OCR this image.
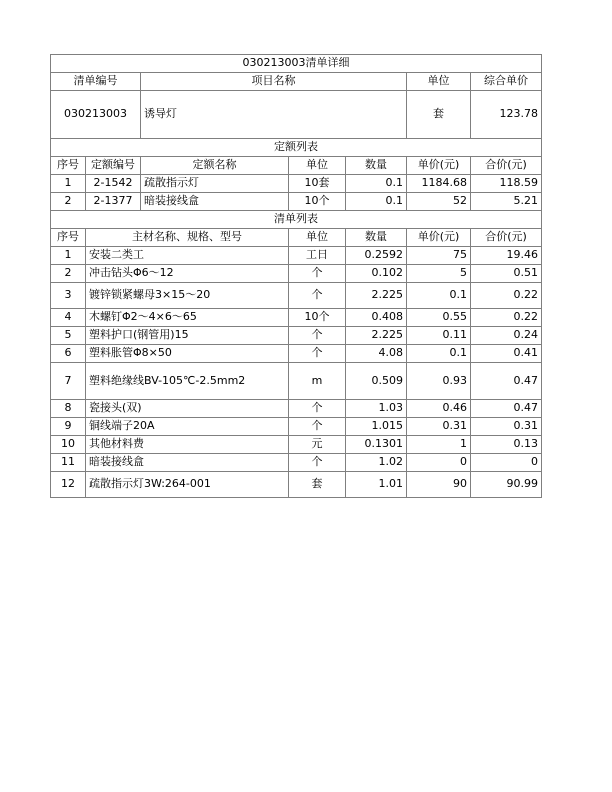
030213003清单详细						
清单编号		项目名称			单位	综合单价
030213003		诱导灯			套	123.78
定额列表						
序号	定额编号	定额名称	单位	数量	单价(元)	合价(元)
1	2-1542	疏散指示灯	10套	0.1	1184.68	118.59
2	2-1377	暗装接线盒	10个	0.1	52	5.21
清单列表						
序号	主材名称、规格、型号		单位	数量	单价(元)	合价(元)
1	安装二类工		工日	0.2592	75	19.46
2	冲击钻头Φ6～12		个	0.102	5	0.51
3	镀锌锁紧螺母3×15～20		个	2.225	0.1	0.22
4	木螺钉Φ2～4×6～65		10个	0.408	0.55	0.22
5	塑料护口(钢管用)15		个	2.225	0.11	0.24
6	塑料胀管Φ8×50		个	4.08	0.1	0.41
7	塑料绝缘线BV-105℃-2.5mm2		m	0.509	0.93	0.47
8	瓷接头(双)		个	1.03	0.46	0.47
9	铜线端子20A		个	1.015	0.31	0.31
10	其他材料费		元	0.1301	1	0.13
11	暗装接线盒		个	1.02	0	0
12	疏散指示灯3W:264-001		套	1.01	90	90.99
